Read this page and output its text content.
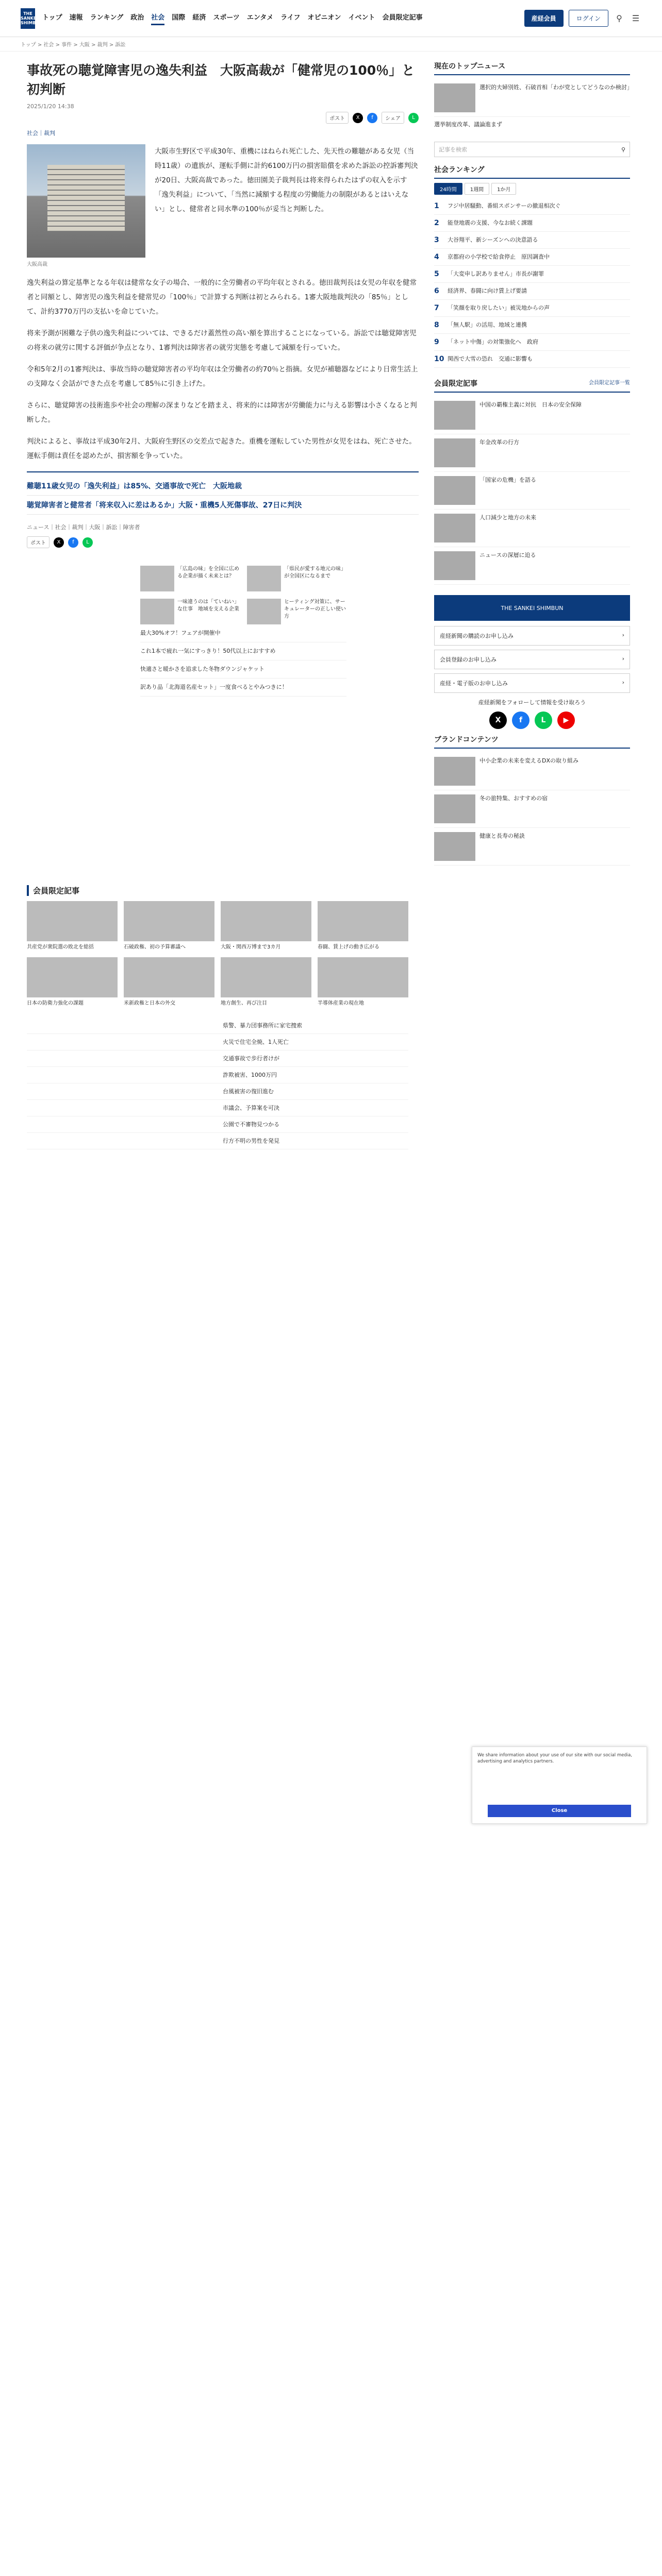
THE SANKEI SHIMBUN
トップ 速報 ランキング 政治 社会 国際 経済 スポーツ エンタメ ライフ オピニオン イベント 会員限定記事	産経会員	ログイン	⚲	☰
トップ > 社会 > 事件 > 大阪 > 裁判 > 訴訟
事故死の聴覚障害児の逸失利益　大阪高裁が「健常児の100％」と初判断
2025/1/20 14:38
ポスト	X	f	シェア	L
社会｜裁判
大阪高裁

大阪市生野区で平成30年、重機にはねられ死亡した、先天性の難聴がある女児（当時11歳）の遺族が、運転手側に計約6100万円の損害賠償を求めた訴訟の控訴審判決が20日、大阪高裁であった。徳田園美子裁判長は将来得られたはずの収入を示す「逸失利益」について、「当然に減額する程度の労働能力の制限があるとはいえない」とし、健常者と同水準の100％が妥当と判断した。

逸失利益の算定基準となる年収は健常な女子の場合、一般的に全労働者の平均年収とされる。徳田裁判長は女児の年収を健常者と同額とし、障害児の逸失利益を健常児の「100％」で計算する判断は初とみられる。1審大阪地裁判決の「85％」として、計約3770万円の支払いを命じていた。

将来予測が困難な子供の逸失利益については、できるだけ蓋然性の高い額を算出することになっている。訴訟では聴覚障害児の将来の就労に関する評価が争点となり、1審判決は障害者の就労実態を考慮して減額を行っていた。

令和5年2月の1審判決は、事故当時の聴覚障害者の平均年収は全労働者の約70％と指摘。女児が補聴器などにより日常生活上の支障なく会話ができた点を考慮して85％に引き上げた。

さらに、聴覚障害の技術進歩や社会の理解の深まりなどを踏まえ、将来的には障害が労働能力に与える影響は小さくなると判断した。

判決によると、事故は平成30年2月、大阪府生野区の交差点で起きた。重機を運転していた男性が女児をはね、死亡させた。運転手側は責任を認めたが、損害額を争っていた。

難聴11歳女児の「逸失利益」は85%、交通事故で死亡　大阪地裁
聴覚障害者と健常者「将来収入に差はあるか」大阪・重機5人死傷事故、27日に判決
ニュース｜社会｜裁判｜大阪｜訴訟｜障害者
ポスト	X	f	L
「広島の味」を全国に広める企業が描く未来とは？
「県民が愛する地元の味」が全国区になるまで
一味違うのは「ていねい」な仕事　地域を支える企業
ヒーティング対策に、サーキュレーターの正しい使い方
最大30%オフ！フェアが開催中
これ1本で疲れ一気にすっきり！50代以上におすすめ
快適さと暖かさを追求した冬物ダウンジャケット
訳あり品「北海道名産セット」一度食べるとやみつきに！
現在のトップニュース
選択的夫婦別姓、石破首相「わが党としてどうなのか検討」
選挙制度改革、議論進まず
記事を検索	⚲
社会ランキング
24時間	1週間	1か月
1	フジ中居騒動、番組スポンサーの撤退相次ぐ
2	能登地震の支援、今なお続く課題
3	大谷翔平、新シーズンへの決意語る
4	京都府の小学校で給食停止　原因調査中
5	「大変申し訳ありません」市長が謝罪
6	経済界、春闘に向け賃上げ要請
7	「笑顔を取り戻したい」被災地からの声
8	「無人駅」の活用、地域と連携
9	「ネット中傷」の対策強化へ　政府
10 関西で大雪の恐れ　交通に影響も
会員限定記事	会員限定記事一覧
中国の覇権主義に対抗　日本の安全保障
年金改革の行方
「国家の危機」を語る
人口減少と地方の未来
ニュースの深層に迫る
THE SANKEI SHIMBUN
産経新聞の購読のお申し込み	›
会員登録のお申し込み	›
産経・電子版のお申し込み	›
産経新聞をフォローして情報を受け取ろう
X	f	L	▶
ブランドコンテンツ
中小企業の未来を変えるDXの取り組み
冬の旅特集、おすすめの宿
健康と長寿の秘訣
会員限定記事
共産党が衆院選の敗北を総括	石破政権、初の予算審議へ	大阪・関西万博まで3カ月	春闘、賃上げの動き広がる
日本の防衛力強化の課題	米新政権と日本の外交	地方創生、再び注目	半導体産業の現在地
県警、暴力団事務所に家宅捜索
火災で住宅全焼、1人死亡
交通事故で歩行者けが
詐欺被害、1000万円
台風被害の復旧進む
市議会、予算案を可決
公園で不審物見つかる
行方不明の男性を発見
We share information about your use of our site with our social media, advertising and analytics partners.
Close
